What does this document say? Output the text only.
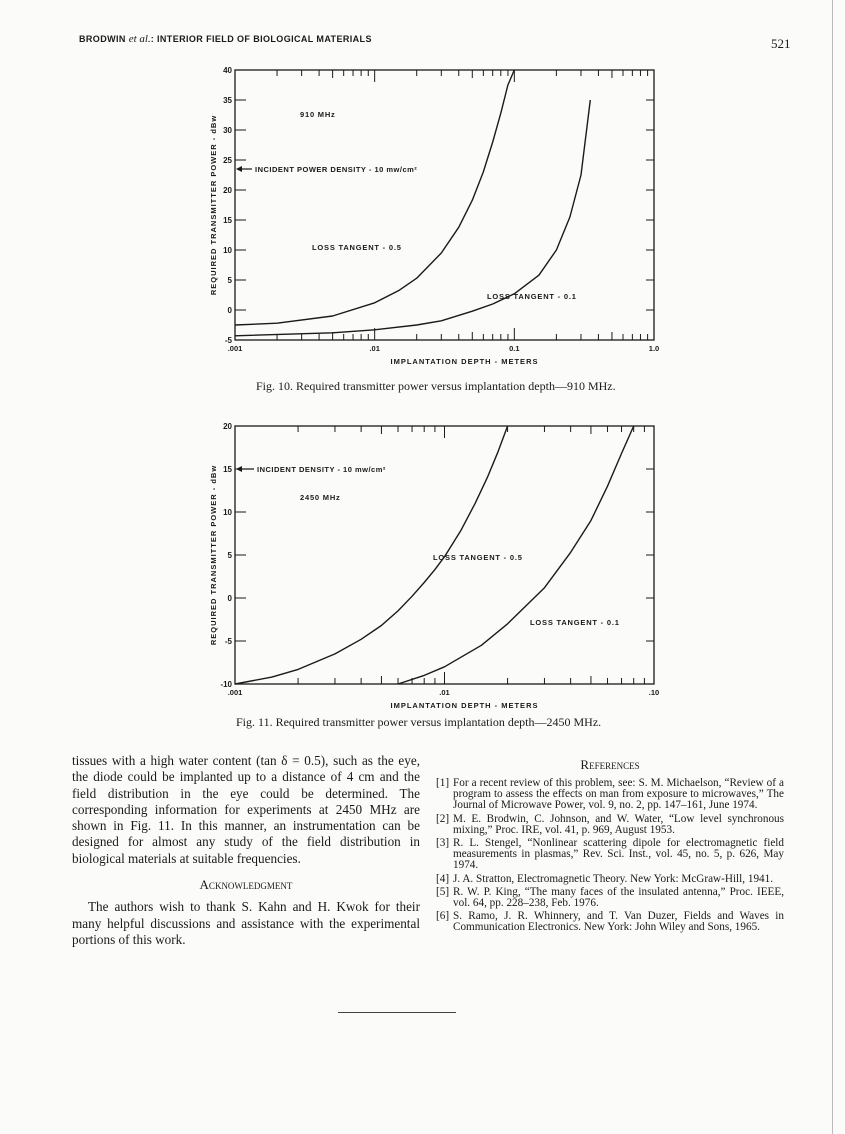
BRODWIN et al.: INTERIOR FIELD OF BIOLOGICAL MATERIALS	521
-5
0
5
10
15
20
25
30
35
40
.001	.01	0.1	1.0
IMPLANTATION DEPTH - METERS
REQUIRED TRANSMITTER POWER - dBw	LOSS TANGENT - 0.5
LOSS TANGENT - 0.1
910 MHz
INCIDENT POWER DENSITY - 10 mw/cm²
Fig. 10. Required transmitter power versus implantation depth—910 MHz.
-10
-5
0
5
10
15
20
.001	.01	.10
IMPLANTATION DEPTH - METERS
REQUIRED TRANSMITTER POWER - dBw	LOSS TANGENT - 0.5
LOSS TANGENT - 0.1
2450 MHz
INCIDENT DENSITY - 10 mw/cm²
Fig. 11. Required transmitter power versus implantation depth—2450 MHz.

tissues with a high water content (tan δ = 0.5), such as the eye, the diode could be implanted up to a distance of 4 cm and the field distribution in the eye could be determined. The corresponding information for experiments at 2450 MHz are shown in Fig. 11. In this manner, an instrumentation can be designed for almost any study of the field distribution in biological materials at suitable frequencies.

Acknowledgment

The authors wish to thank S. Kahn and H. Kwok for their many helpful discussions and assistance with the experimental portions of this work.

References
[1] For a recent review of this problem, see: S. M. Michaelson, “Review of a program to assess the effects on man from exposure to microwaves,” The Journal of Microwave Power, vol. 9, no. 2, pp. 147–161, June 1974.
[2] M. E. Brodwin, C. Johnson, and W. Water, “Low level synchronous mixing,” Proc. IRE, vol. 41, p. 969, August 1953.
[3] R. L. Stengel, “Nonlinear scattering dipole for electromagnetic field measurements in plasmas,” Rev. Sci. Inst., vol. 45, no. 5, p. 626, May 1974.
[4] J. A. Stratton, Electromagnetic Theory. New York: McGraw-Hill, 1941.
[5] R. W. P. King, “The many faces of the insulated antenna,” Proc. IEEE, vol. 64, pp. 228–238, Feb. 1976.
[6] S. Ramo, J. R. Whinnery, and T. Van Duzer, Fields and Waves in Communication Electronics. New York: John Wiley and Sons, 1965.
